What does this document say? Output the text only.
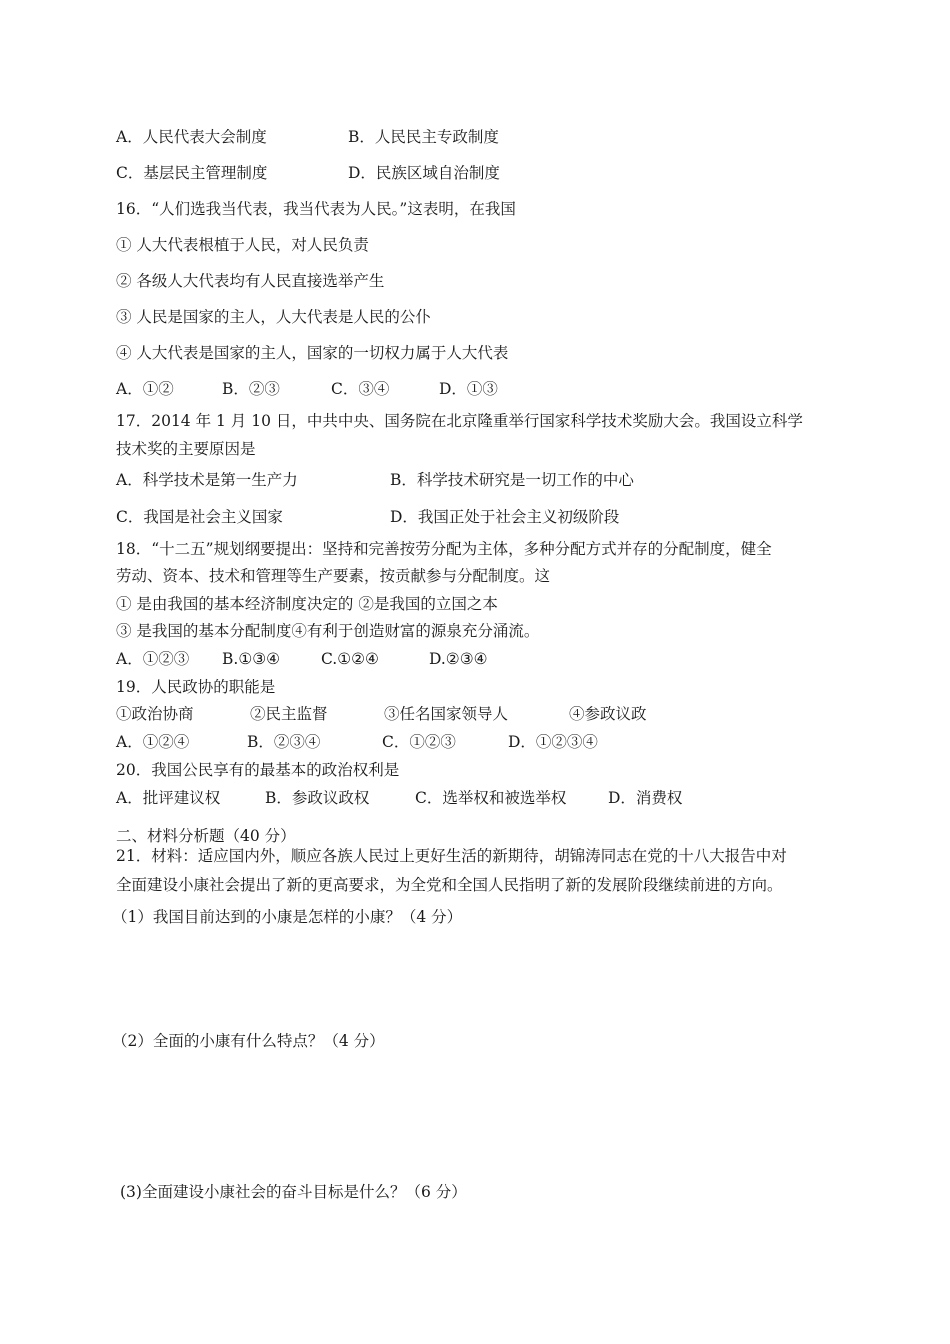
A．人民代表大会制度	B．人民民主专政制度
C．基层民主管理制度	D．民族区域自治制度
16．“人们选我当代表，我当代表为人民。”这表明，在我国
① 人大代表根植于人民，对人民负责
② 各级人大代表均有人民直接选举产生
③ 人民是国家的主人，人大代表是人民的公仆
④ 人大代表是国家的主人，国家的一切权力属于人大代表
A．①②	B．②③	C．③④	D．①③
17．2014 年 1 月 10 日，中共中央、国务院在北京隆重举行国家科学技术奖励大会。我国设立科学
技术奖的主要原因是
A．科学技术是第一生产力	B．科学技术研究是一切工作的中心
C．我国是社会主义国家	D．我国正处于社会主义初级阶段
18．“十二五”规划纲要提出：坚持和完善按劳分配为主体，多种分配方式并存的分配制度，健全
劳动、资本、技术和管理等生产要素，按贡献参与分配制度。这
① 是由我国的基本经济制度决定的 ②是我国的立国之本
③ 是我国的基本分配制度④有利于创造财富的源泉充分涌流。
A．①②③ B.①③④	C.①②④	D.②③④
19．人民政协的职能是
①政治协商	②民主监督	③任名国家领导人	④参政议政
A．①②④	B．②③④	C．①②③	D．①②③④
20．我国公民享有的最基本的政治权利是
A．批评建议权	B．参政议政权	C．选举权和被选举权	D．消费权
二、材料分析题（40 分）
21．材料：适应国内外，顺应各族人民过上更好生活的新期待，胡锦涛同志在党的十八大报告中对
全面建设小康社会提出了新的更高要求，为全党和全国人民指明了新的发展阶段继续前进的方向。
（1）我国目前达到的小康是怎样的小康？（4 分）
（2）全面的小康有什么特点？（4 分）
(3)全面建设小康社会的奋斗目标是什么？（6 分）
